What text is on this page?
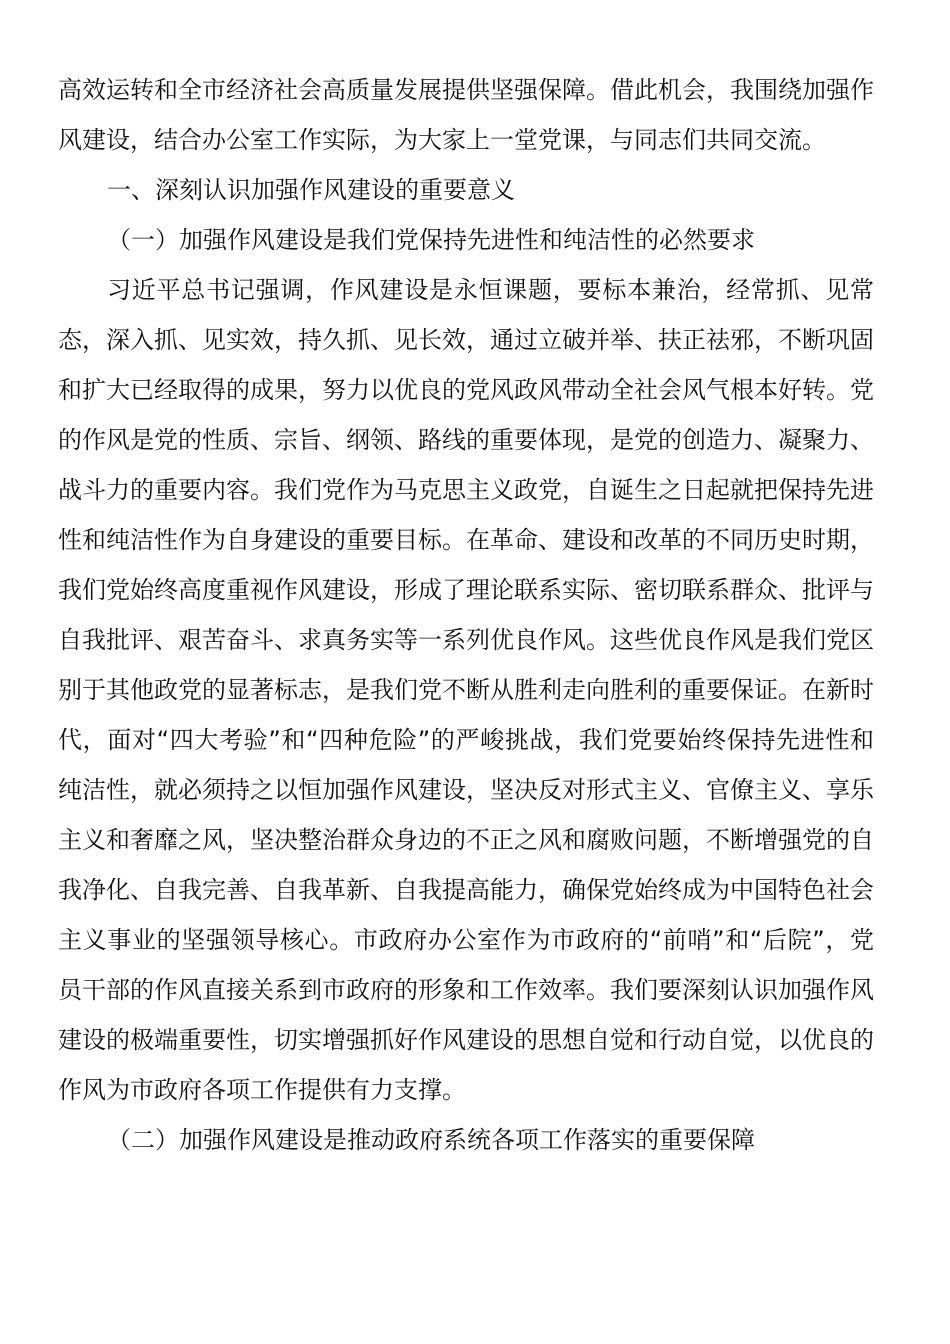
高效运转和全市经济社会高质量发展提供坚强保障。借此机会，我围绕加强作风建设，结合办公室工作实际，为大家上一堂党课，与同志们共同交流。

一、深刻认识加强作风建设的重要意义

（一）加强作风建设是我们党保持先进性和纯洁性的必然要求

习近平总书记强调，作风建设是永恒课题，要标本兼治，经常抓、见常态，深入抓、见实效，持久抓、见长效，通过立破并举、扶正祛邪，不断巩固和扩大已经取得的成果，努力以优良的党风政风带动全社会风气根本好转。党的作风是党的性质、宗旨、纲领、路线的重要体现，是党的创造力、凝聚力、战斗力的重要内容。我们党作为马克思主义政党，自诞生之日起就把保持先进性和纯洁性作为自身建设的重要目标。在革命、建设和改革的不同历史时期，我们党始终高度重视作风建设，形成了理论联系实际、密切联系群众、批评与自我批评、艰苦奋斗、求真务实等一系列优良作风。这些优良作风是我们党区别于其他政党的显著标志，是我们党不断从胜利走向胜利的重要保证。在新时代，面对“四大考验”和“四种危险”的严峻挑战，我们党要始终保持先进性和纯洁性，就必须持之以恒加强作风建设，坚决反对形式主义、官僚主义、享乐主义和奢靡之风，坚决整治群众身边的不正之风和腐败问题，不断增强党的自我净化、自我完善、自我革新、自我提高能力，确保党始终成为中国特色社会主义事业的坚强领导核心。市政府办公室作为市政府的“前哨”和“后院”，党员干部的作风直接关系到市政府的形象和工作效率。我们要深刻认识加强作风建设的极端重要性，切实增强抓好作风建设的思想自觉和行动自觉，以优良的作风为市政府各项工作提供有力支撑。

（二）加强作风建设是推动政府系统各项工作落实的重要保障
